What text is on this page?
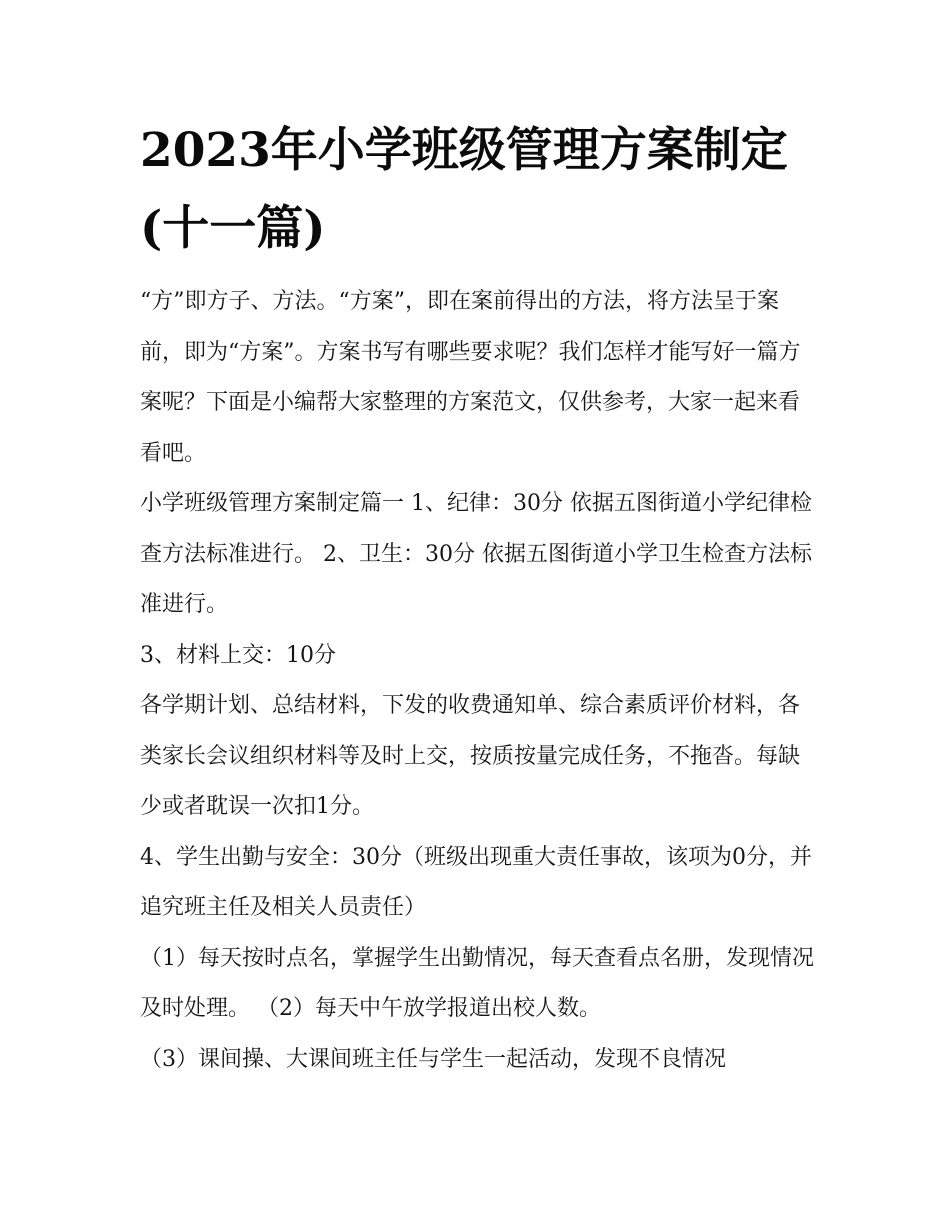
2023年小学班级管理方案制定(十一篇)

“方”即方子、方法。“方案”，即在案前得出的方法，将方法呈于案前，即为“方案”。方案书写有哪些要求呢？我们怎样才能写好一篇方案呢？下面是小编帮大家整理的方案范文，仅供参考，大家一起来看看吧。

小学班级管理方案制定篇一 1、纪律：30分 依据五图街道小学纪律检查方法标准进行。 2、卫生：30分 依据五图街道小学卫生检查方法标准进行。

3、材料上交：10分

各学期计划、总结材料，下发的收费通知单、综合素质评价材料，各类家长会议组织材料等及时上交，按质按量完成任务，不拖沓。每缺少或者耽误一次扣1分。

4、学生出勤与安全：30分（班级出现重大责任事故，该项为0分，并追究班主任及相关人员责任）

（1）每天按时点名，掌握学生出勤情况，每天查看点名册，发现情况及时处理。 （2）每天中午放学报道出校人数。

（3）课间操、大课间班主任与学生一起活动，发现不良情况
